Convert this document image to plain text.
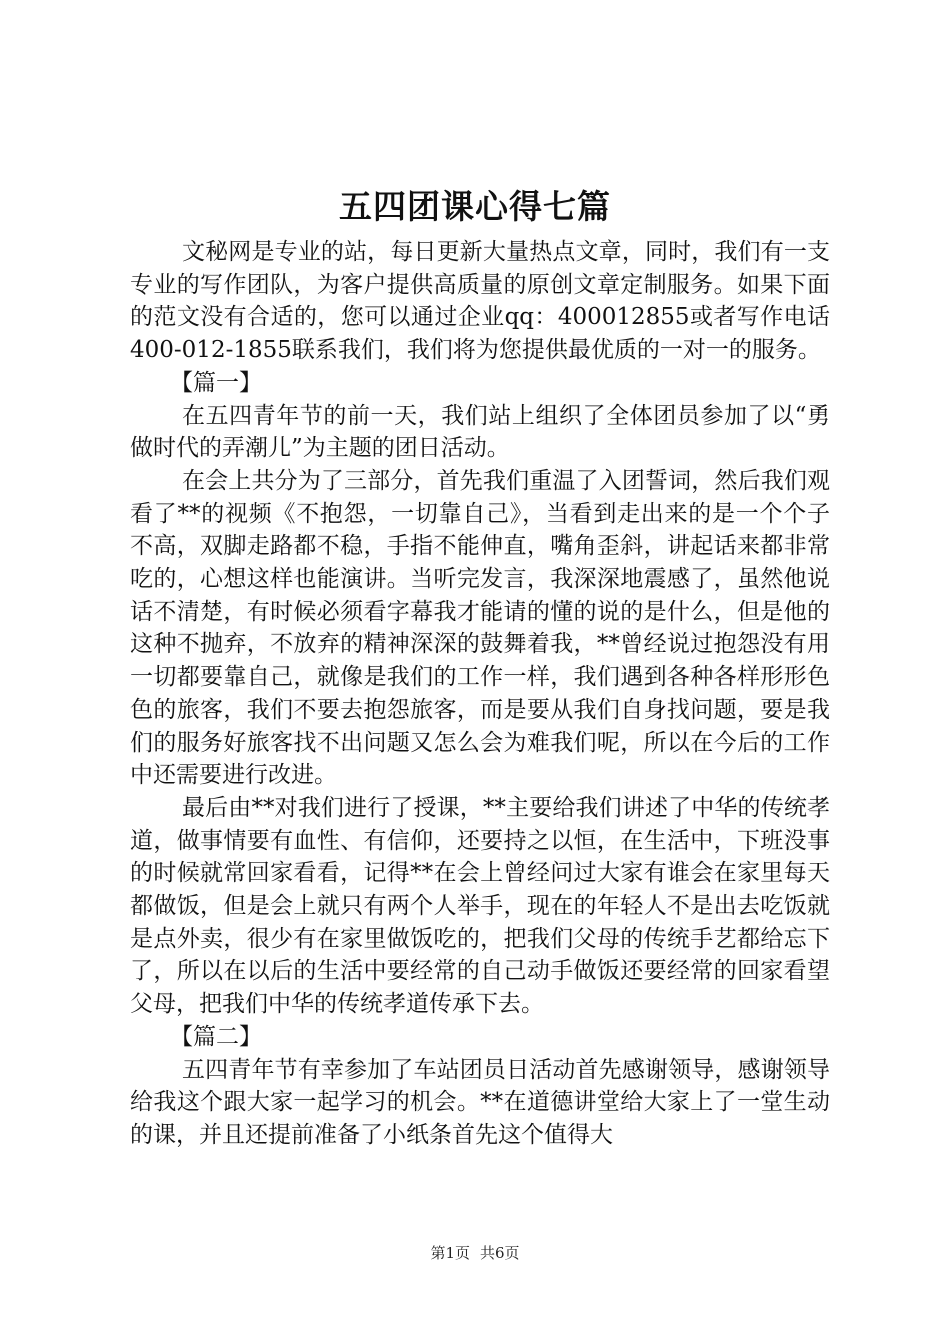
五四团课心得七篇

文秘网是专业的站，每日更新大量热点文章，同时，我们有一支专业的写作团队，为客户提供高质量的原创文章定制服务。如果下面的范文没有合适的，您可以通过企业qq：400012855或者写作电话400-012-1855联系我们，我们将为您提供最优质的一对一的服务。

【篇一】

在五四青年节的前一天，我们站上组织了全体团员参加了以“勇做时代的弄潮儿”为主题的团日活动。

在会上共分为了三部分，首先我们重温了入团誓词，然后我们观看了**的视频《不抱怨，一切靠自己》，当看到走出来的是一个个子不高，双脚走路都不稳，手指不能伸直，嘴角歪斜，讲起话来都非常吃的，心想这样也能演讲。当听完发言，我深深地震感了，虽然他说话不清楚，有时候必须看字幕我才能请的懂的说的是什么，但是他的这种不抛弃，不放弃的精神深深的鼓舞着我，**曾经说过抱怨没有用一切都要靠自己，就像是我们的工作一样，我们遇到各种各样形形色色的旅客，我们不要去抱怨旅客，而是要从我们自身找问题，要是我们的服务好旅客找不出问题又怎么会为难我们呢，所以在今后的工作中还需要进行改进。

最后由**对我们进行了授课，**主要给我们讲述了中华的传统孝道，做事情要有血性、有信仰，还要持之以恒，在生活中，下班没事的时候就常回家看看，记得**在会上曾经问过大家有谁会在家里每天都做饭，但是会上就只有两个人举手，现在的年轻人不是出去吃饭就是点外卖，很少有在家里做饭吃的，把我们父母的传统手艺都给忘下了，所以在以后的生活中要经常的自己动手做饭还要经常的回家看望父母，把我们中华的传统孝道传承下去。

【篇二】

五四青年节有幸参加了车站团员日活动首先感谢领导，感谢领导给我这个跟大家一起学习的机会。**在道德讲堂给大家上了一堂生动的课，并且还提前准备了小纸条首先这个值得大

第1页 共6页
